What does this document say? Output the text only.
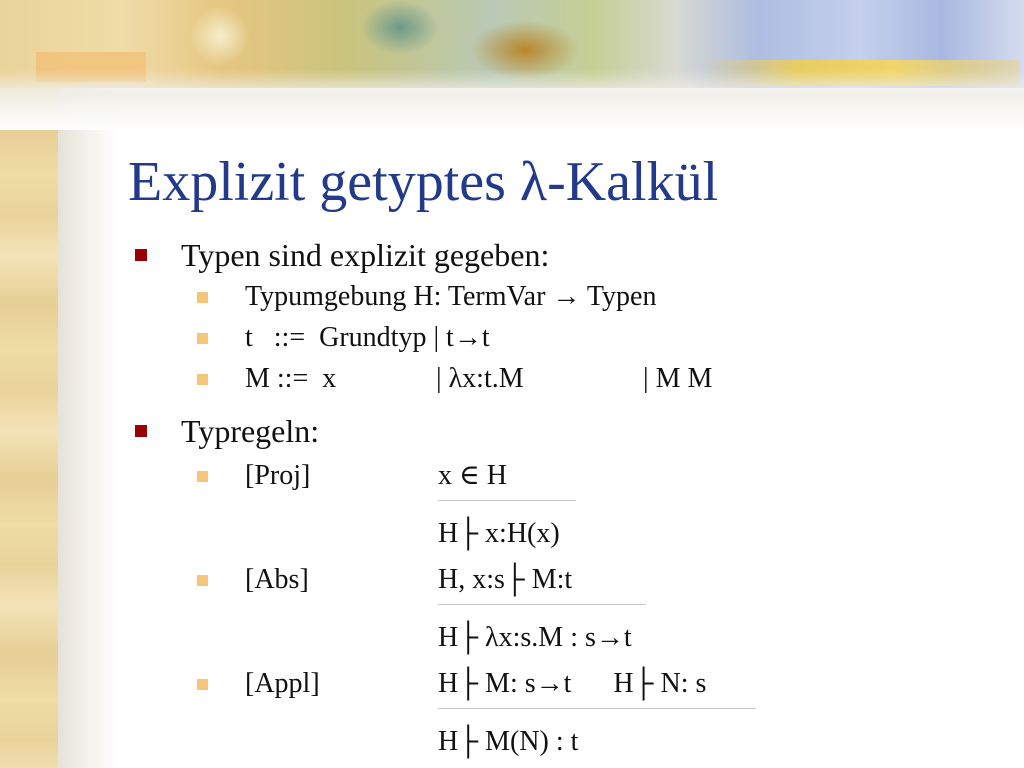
Explizit getyptes λ-Kalkül
Typen sind explizit gegeben:
Typumgebung H: TermVar → Typen
t   ::=  Grundtyp | t→t
M ::=  x	| λx:t.M	| M M
Typregeln:
[Proj]	x ∈ H
H├ x:H(x)
[Abs]	H, x:s├ M:t
H├ λx:s.M : s→t
[Appl]	H├ M: s→t      H├ N: s
H├ M(N) : t
